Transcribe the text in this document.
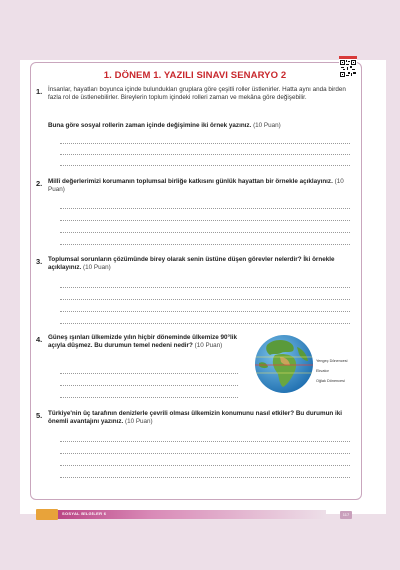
1. DÖNEM 1. YAZILI SINAVI SENARYO 2
1. İnsanlar, hayatları boyunca içinde bulundukları gruplara göre çeşitli roller üstlenirler. Hatta aynı anda birden fazla rol de üstlenebilirler. Bireylerin toplum içindeki rolleri zaman ve mekâna göre değişebilir.
Buna göre sosyal rollerin zaman içinde değişimine iki örnek yazınız. (10 Puan)
2. Millî değerlerimizi korumanın toplumsal birliğe katkısını günlük hayattan bir örnekle açıklayınız. (10 Puan)
3. Toplumsal sorunların çözümünde birey olarak senin üstüne düşen görevler nelerdir? İki örnekle açıklayınız. (10 Puan)
4. Güneş ışınları ülkemizde yılın hiçbir döneminde ülkemize 90°lik açıyla düşmez. Bu durumun temel nedeni nedir? (10 Puan)
Yengeç Dönencesi
Ekvator
Oğlak Dönencesi
5. Türkiye'nin üç tarafının denizlerle çevrili olması ülkemizin konumunu nasıl etkiler? Bu durumun iki önemli avantajını yazınız. (10 Puan)
SOSYAL BİLGİLER 6	117
